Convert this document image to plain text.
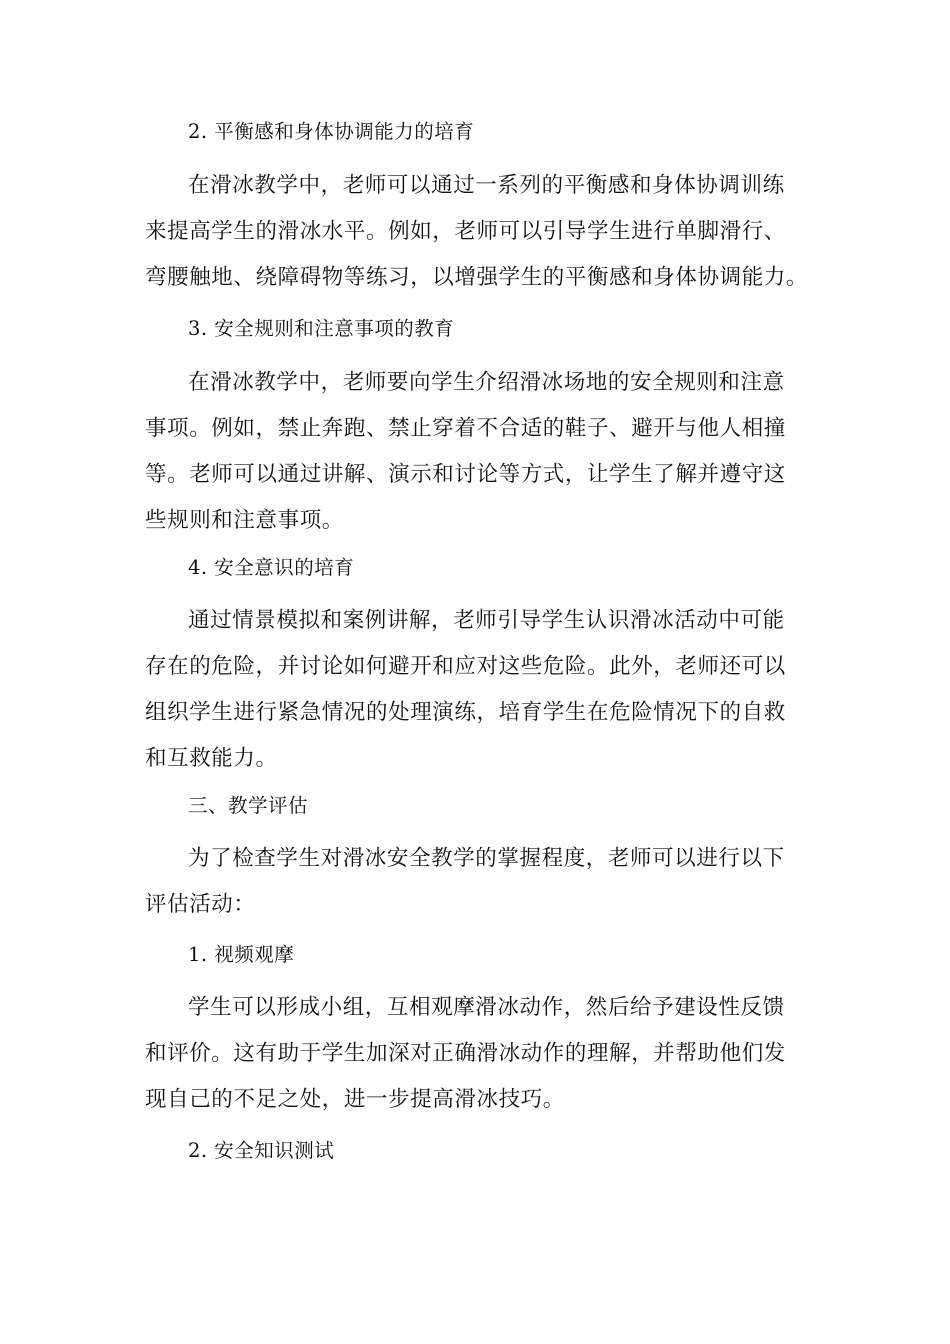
2. 平衡感和身体协调能力的培育
在滑冰教学中，老师可以通过一系列的平衡感和身体协调训练
来提高学生的滑冰水平。例如，老师可以引导学生进行单脚滑行、
弯腰触地、绕障碍物等练习，以增强学生的平衡感和身体协调能力。
3. 安全规则和注意事项的教育
在滑冰教学中，老师要向学生介绍滑冰场地的安全规则和注意
事项。例如，禁止奔跑、禁止穿着不合适的鞋子、避开与他人相撞
等。老师可以通过讲解、演示和讨论等方式，让学生了解并遵守这
些规则和注意事项。
4. 安全意识的培育
通过情景模拟和案例讲解，老师引导学生认识滑冰活动中可能
存在的危险，并讨论如何避开和应对这些危险。此外，老师还可以
组织学生进行紧急情况的处理演练，培育学生在危险情况下的自救
和互救能力。
三、教学评估
为了检查学生对滑冰安全教学的掌握程度，老师可以进行以下
评估活动：
1. 视频观摩
学生可以形成小组，互相观摩滑冰动作，然后给予建设性反馈
和评价。这有助于学生加深对正确滑冰动作的理解，并帮助他们发
现自己的不足之处，进一步提高滑冰技巧。
2. 安全知识测试
